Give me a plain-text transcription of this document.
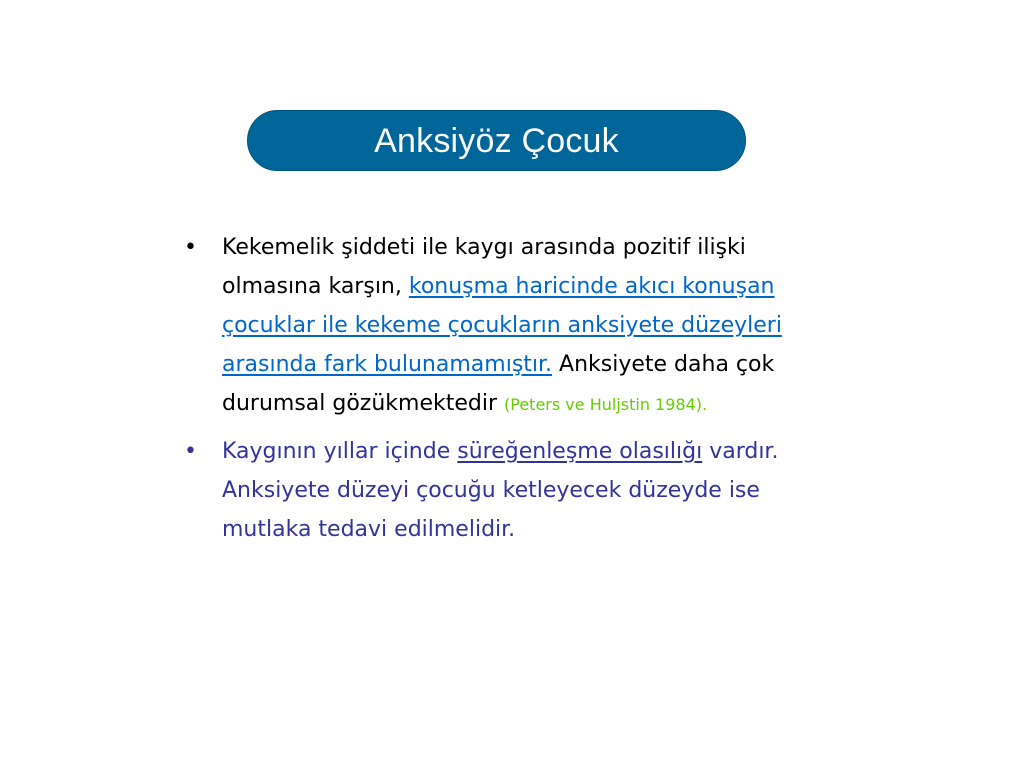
Anksiyöz Çocuk
• Kekemelik şiddeti ile kaygı arasında pozitif ilişki olmasına karşın, konuşma haricinde akıcı konuşan çocuklar ile kekeme çocukların anksiyete düzeyleri arasında fark bulunamamıştır. Anksiyete daha çok durumsal gözükmektedir (Peters ve Huljstin 1984).
• Kaygının yıllar içinde süreğenleşme olasılığı vardır. Anksiyete düzeyi çocuğu ketleyecek düzeyde ise mutlaka tedavi edilmelidir.
